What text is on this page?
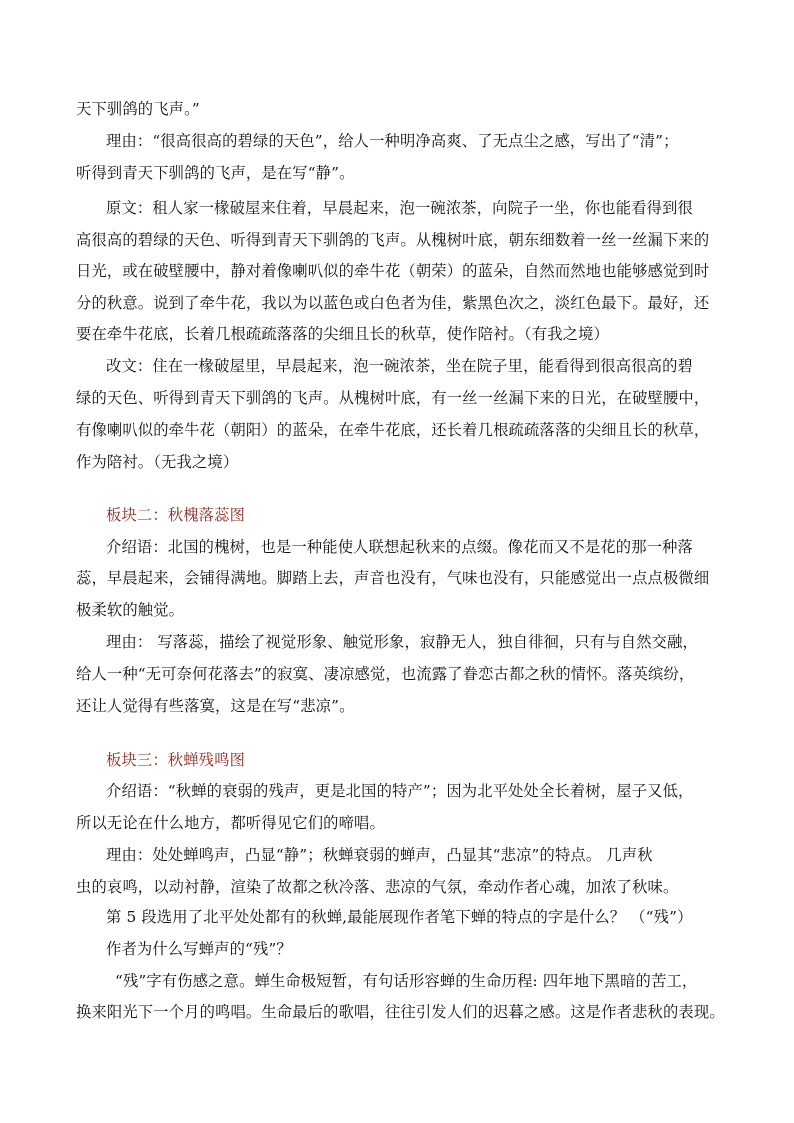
天下驯鸽的飞声。”
理由：“很高很高的碧绿的天色”，给人一种明净高爽、了无点尘之感，写出了“清”；
听得到青天下驯鸽的飞声，是在写“静”。
原文：租人家一椽破屋来住着，早晨起来，泡一碗浓茶，向院子一坐，你也能看得到很
高很高的碧绿的天色、听得到青天下驯鸽的飞声。从槐树叶底，朝东细数着一丝一丝漏下来的
日光，或在破壁腰中，静对着像喇叭似的牵牛花（朝荣）的蓝朵，自然而然地也能够感觉到时
分的秋意。说到了牵牛花，我以为以蓝色或白色者为佳，紫黑色次之，淡红色最下。最好，还
要在牵牛花底，长着几根疏疏落落的尖细且长的秋草，使作陪衬。（有我之境）
改文：住在一椽破屋里，早晨起来，泡一碗浓茶，坐在院子里，能看得到很高很高的碧
绿的天色、听得到青天下驯鸽的飞声。从槐树叶底，有一丝一丝漏下来的日光，在破壁腰中，
有像喇叭似的牵牛花（朝阳）的蓝朵，在牵牛花底，还长着几根疏疏落落的尖细且长的秋草，
作为陪衬。（无我之境）
板块二：秋槐落蕊图
介绍语：北国的槐树，也是一种能使人联想起秋来的点缀。像花而又不是花的那一种落
蕊，早晨起来，会铺得满地。脚踏上去，声音也没有，气味也没有，只能感觉出一点点极微细
极柔软的触觉。
理由： 写落蕊，描绘了视觉形象、触觉形象，寂静无人，独自徘徊，只有与自然交融，
给人一种“无可奈何花落去”的寂寞、凄凉感觉，也流露了眷恋古都之秋的情怀。落英缤纷，
还让人觉得有些落寞，这是在写“悲凉”。
板块三：秋蝉残鸣图
介绍语：“秋蝉的衰弱的残声，更是北国的特产”；因为北平处处全长着树，屋子又低，
所以无论在什么地方，都听得见它们的啼唱。
理由：处处蝉鸣声，凸显“静”；秋蝉衰弱的蝉声，凸显其“悲凉”的特点。 几声秋
虫的哀鸣，以动衬静，渲染了故都之秋冷落、悲凉的气氛，牵动作者心魂，加浓了秋味。
第 5 段选用了北平处处都有的秋蝉,最能展现作者笔下蝉的特点的字是什么？ （“残”）
作者为什么写蝉声的“残”？
“残”字有伤感之意。蝉生命极短暂，有句话形容蝉的生命历程: 四年地下黑暗的苦工，
换来阳光下一个月的鸣唱。生命最后的歌唱，往往引发人们的迟暮之感。这是作者悲秋的表现。
